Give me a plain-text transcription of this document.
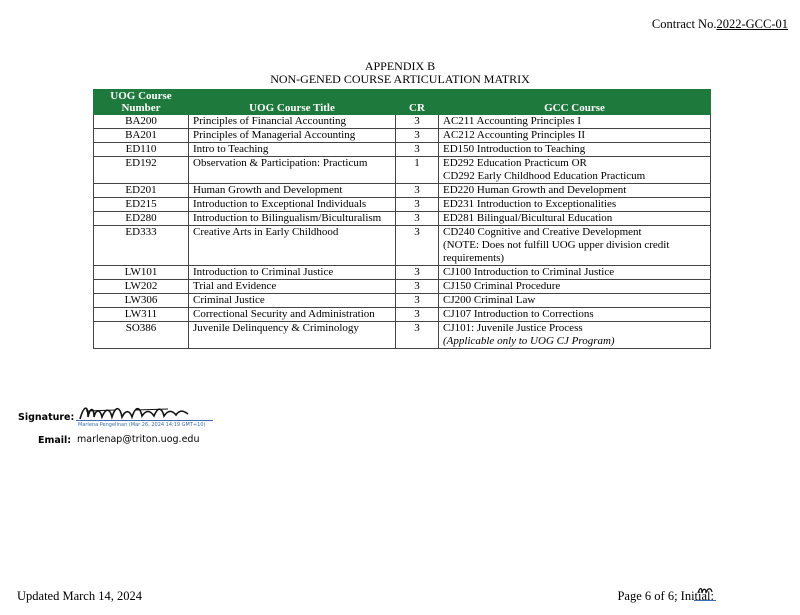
Contract No.2022-GCC-01
APPENDIX B
NON-GENED COURSE ARTICULATION MATRIX
UOG Course Number	UOG Course Title	CR	GCC Course
BA200	Principles of Financial Accounting	3	AC211 Accounting Principles I

BA201	Principles of Managerial Accounting	3	AC212 Accounting Principles II

ED110	Intro to Teaching	3	ED150 Introduction to Teaching

ED192	Observation & Participation: Practicum	1	ED292 Education Practicum OR
CD292 Early Childhood Education Practicum

ED201	Human Growth and Development	3	ED220 Human Growth and Development

ED215	Introduction to Exceptional Individuals	3	ED231 Introduction to Exceptionalities

ED280	Introduction to Bilingualism/Biculturalism	3	ED281 Bilingual/Bicultural Education

ED333	Creative Arts in Early Childhood	3	CD240 Cognitive and Creative Development
(NOTE: Does not fulfill UOG upper division credit requirements)

LW101	Introduction to Criminal Justice	3	CJ100 Introduction to Criminal Justice

LW202	Trial and Evidence	3	CJ150 Criminal Procedure

LW306	Criminal Justice	3	CJ200 Criminal Law

LW311	Correctional Security and Administration	3	CJ107 Introduction to Corrections

SO386	Juvenile Delinquency & Criminology	3	CJ101: Juvenile Justice Process
(Applicable only to UOG CJ Program)
Signature:
Marlena Pengelinan (Mar 26, 2024 14:19 GMT+10)
Email: marlenap@triton.uog.edu
Updated March 14, 2024	Page 6 of 6; Initial:
